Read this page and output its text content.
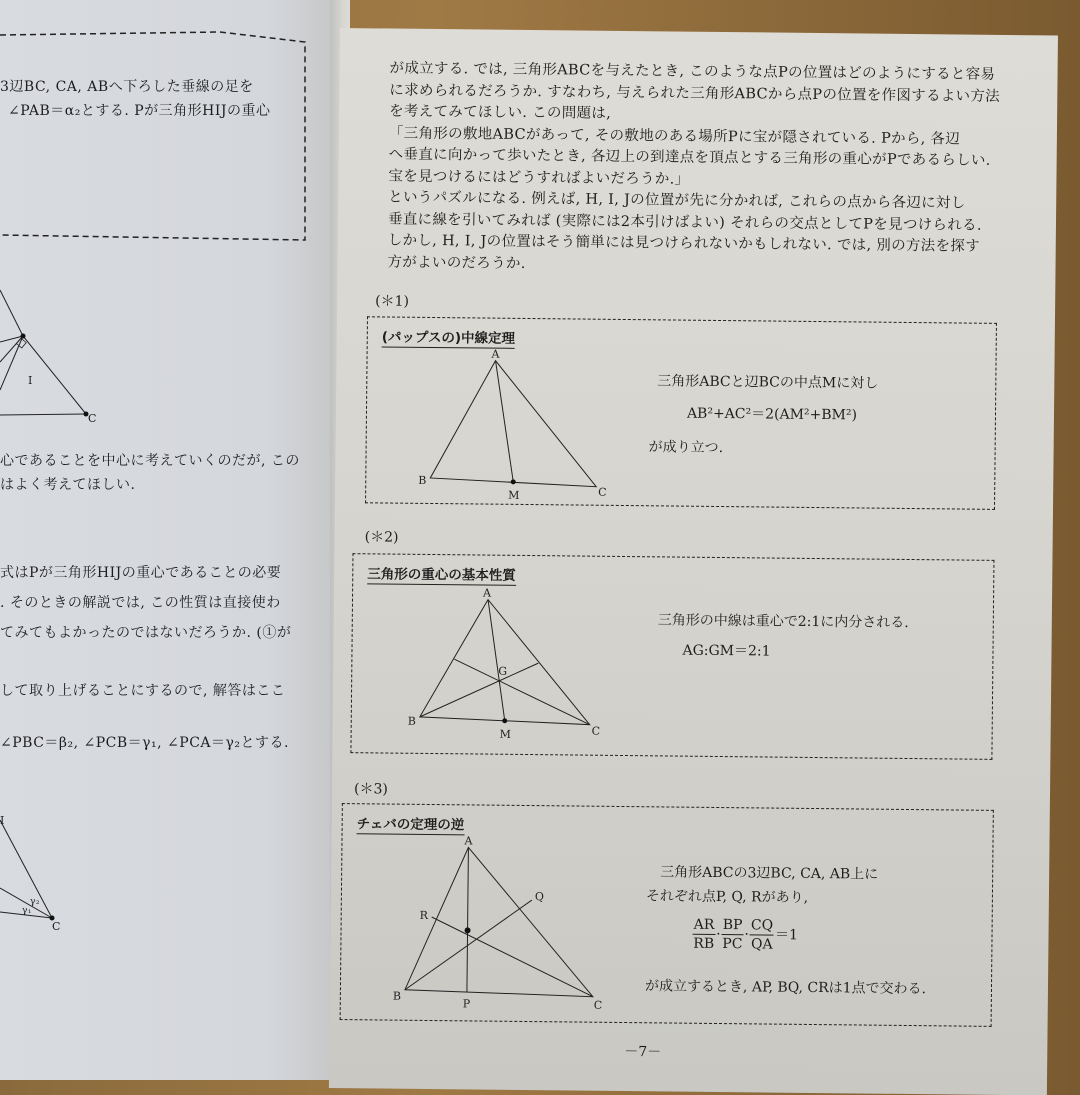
I
C
3辺BC, CA, ABへ下ろした垂線の足を
∠PAB＝α₂とする. Pが三角形HIJの重心
心であることを中心に考えていくのだが, この
はよく考えてほしい.
式はPが三角形HIJの重心であることの必要
. そのときの解説では, この性質は直接使わ
てみてもよかったのではないだろうか. (①が
して取り上げることにするので, 解答はここ
∠PBC＝β₂, ∠PCB＝γ₁, ∠PCA＝γ₂とする.
I
γ₂
γ₁
C

が成立する. では, 三角形ABCを与えたとき, このような点Pの位置はどのようにすると容易

に求められるだろうか. すなわち, 与えられた三角形ABCから点Pの位置を作図するよい方法

を考えてみてほしい. この問題は,

「三角形の敷地ABCがあって, その敷地のある場所Pに宝が隠されている. Pから, 各辺

へ垂直に向かって歩いたとき, 各辺上の到達点を頂点とする三角形の重心がPであるらしい.

宝を見つけるにはどうすればよいだろうか.」

というパズルになる. 例えば, H, I, Jの位置が先に分かれば, これらの点から各辺に対し

垂直に線を引いてみれば (実際には2本引けばよい) それらの交点としてPを見つけられる.

しかし, H, I, Jの位置はそう簡単には見つけられないかもしれない. では, 別の方法を探す

方がよいのだろうか.

(＊1)
(パップスの)中線定理
A
B
C
M
三角形ABCと辺BCの中点Mに対し
AB²+AC²＝2(AM²+BM²)
が成り立つ.
(＊2)
三角形の重心の基本性質
A
B
C
M
G
三角形の中線は重心で2:1に内分される.
AG:GM＝2:1
(＊3)
チェバの定理の逆
A
B
C
P
Q
R
三角形ABCの3辺BC, CA, AB上に
それぞれ点P, Q, Rがあり,
$\frac{AR}{RB} \cdot \frac{BP}{PC} \cdot \frac{CQ}{QA} =1$
が成立するとき, AP, BQ, CRは1点で交わる.
－7－
